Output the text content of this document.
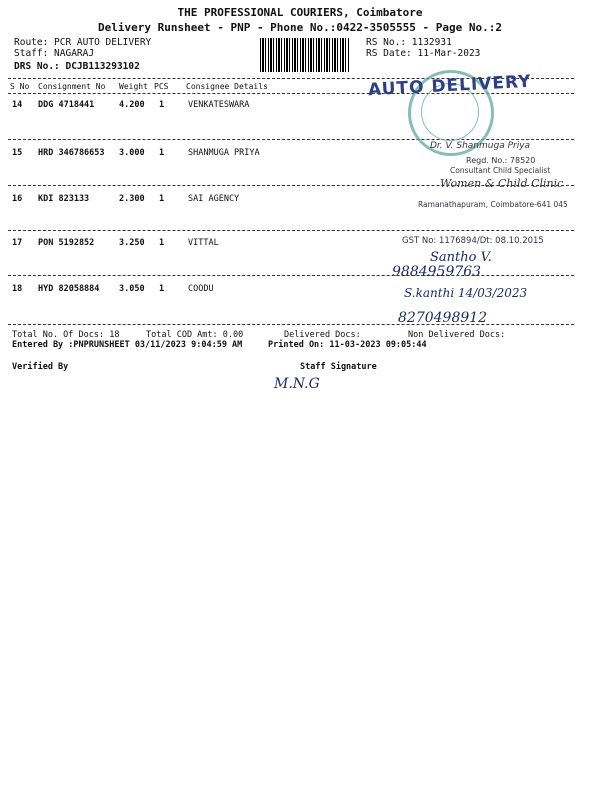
THE PROFESSIONAL COURIERS, Coimbatore
Delivery Runsheet - PNP - Phone No.:0422-3505555 - Page No.:2
Route: PCR AUTO DELIVERY
Staff: NAGARAJ
DRS No.: DCJB113293102
RS No.: 1132931
RS Date: 11-Mar-2023
S No Consignment No Weight PCS Consignee Details
14 DDG 4718441	4.200 1	VENKATESWARA
15 HRD 346786653 3.000 1	SHANMUGA PRIYA
16 KDI 823133	2.300 1	SAI AGENCY
17 PON 5192852	3.250 1	VITTAL
18 HYD 82058884 3.050 1	COODU
Total No. Of Docs: 18	Total COD Amt: 0.00	Delivered Docs:	Non Delivered Docs:
Entered By :PNPRUNSHEET 03/11/2023 9:04:59 AM	Printed On: 11-03-2023 09:05:44
Verified By	Staff Signature
AUTO DELIVERY
Dr. V. Shanmuga Priya
Regd. No.: 78520
Consultant Child Specialist
Women & Child Clinic
Ramanathapuram, Coimbatore-641 045
GST No: 1176894/Dt: 08.10.2015
Santho V.
9884959763
S.kanthi 14/03/2023
8270498912
M.N.G
